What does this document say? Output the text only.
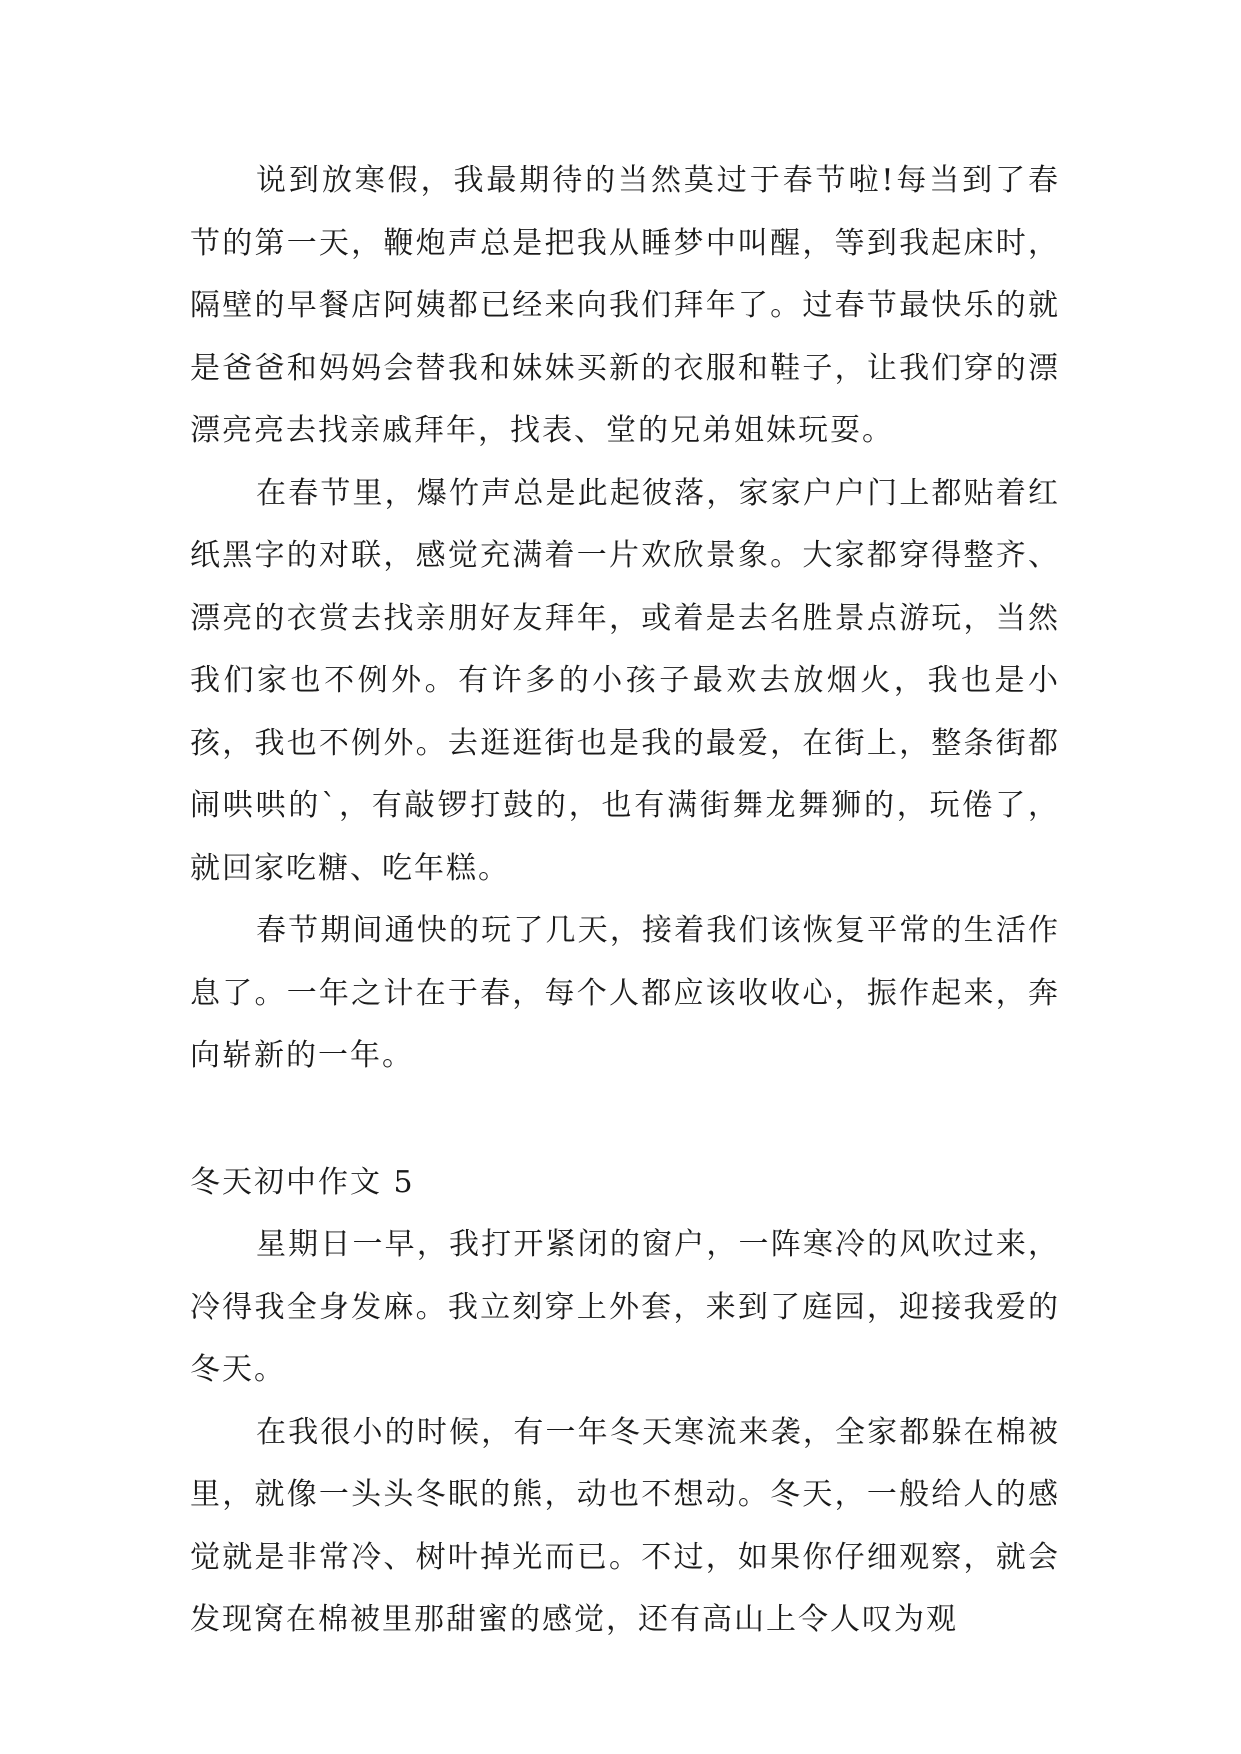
说到放寒假，我最期待的当然莫过于春节啦!每当到了春节的第一天，鞭炮声总是把我从睡梦中叫醒，等到我起床时，隔壁的早餐店阿姨都已经来向我们拜年了。过春节最快乐的就是爸爸和妈妈会替我和妹妹买新的衣服和鞋子，让我们穿的漂漂亮亮去找亲戚拜年，找表、堂的兄弟姐妹玩耍。

在春节里，爆竹声总是此起彼落，家家户户门上都贴着红纸黑字的对联，感觉充满着一片欢欣景象。大家都穿得整齐、漂亮的衣赏去找亲朋好友拜年，或着是去名胜景点游玩，当然我们家也不例外。有许多的小孩子最欢去放烟火，我也是小孩，我也不例外。去逛逛街也是我的最爱，在街上，整条街都闹哄哄的`，有敲锣打鼓的，也有满街舞龙舞狮的，玩倦了，就回家吃糖、吃年糕。

春节期间通快的玩了几天，接着我们该恢复平常的生活作息了。一年之计在于春，每个人都应该收收心，振作起来，奔向崭新的一年。

冬天初中作文 5

星期日一早，我打开紧闭的窗户，一阵寒冷的风吹过来，冷得我全身发麻。我立刻穿上外套，来到了庭园，迎接我爱的冬天。

在我很小的时候，有一年冬天寒流来袭，全家都躲在棉被里，就像一头头冬眠的熊，动也不想动。冬天，一般给人的感觉就是非常冷、树叶掉光而已。不过，如果你仔细观察，就会发现窝在棉被里那甜蜜的感觉，还有高山上令人叹为观
